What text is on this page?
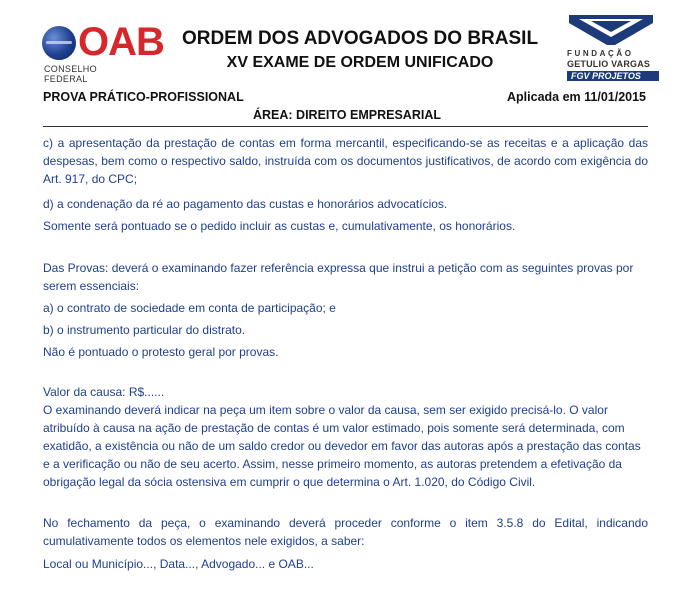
OAB
CONSELHO FEDERAL
ORDEM DOS ADVOGADOS DO BRASIL
XV EXAME DE ORDEM UNIFICADO
FUNDAÇÃO
GETULIO VARGAS
FGV PROJETOS
PROVA PRÁTICO-PROFISSIONAL	Aplicada em 11/01/2015
ÁREA: DIREITO EMPRESARIAL

c) a apresentação da prestação de contas em forma mercantil, especificando-se as receitas e a aplicação das despesas, bem como o respectivo saldo, instruída com os documentos justificativos, de acordo com exigência do Art. 917, do CPC;

d) a condenação da ré ao pagamento das custas e honorários advocatícios.

Somente será pontuado se o pedido incluir as custas e, cumulativamente, os honorários.

Das Provas: deverá o examinando fazer referência expressa que instrui a petição com as seguintes provas por serem essenciais:

a) o contrato de sociedade em conta de participação; e

b) o instrumento particular do distrato.

Não é pontuado o protesto geral por provas.

Valor da causa: R$......

O examinando deverá indicar na peça um item sobre o valor da causa, sem ser exigido precisá-lo. O valor atribuído à causa na ação de prestação de contas é um valor estimado, pois somente será determinada, com exatidão, a existência ou não de um saldo credor ou devedor em favor das autoras após a prestação das contas e a verificação ou não de seu acerto. Assim, nesse primeiro momento, as autoras pretendem a efetivação da obrigação legal da sócia ostensiva em cumprir o que determina o Art. 1.020, do Código Civil.

No fechamento da peça, o examinando deverá proceder conforme o item 3.5.8 do Edital, indicando cumulativamente todos os elementos nele exigidos, a saber:

Local ou Município..., Data..., Advogado... e OAB...
